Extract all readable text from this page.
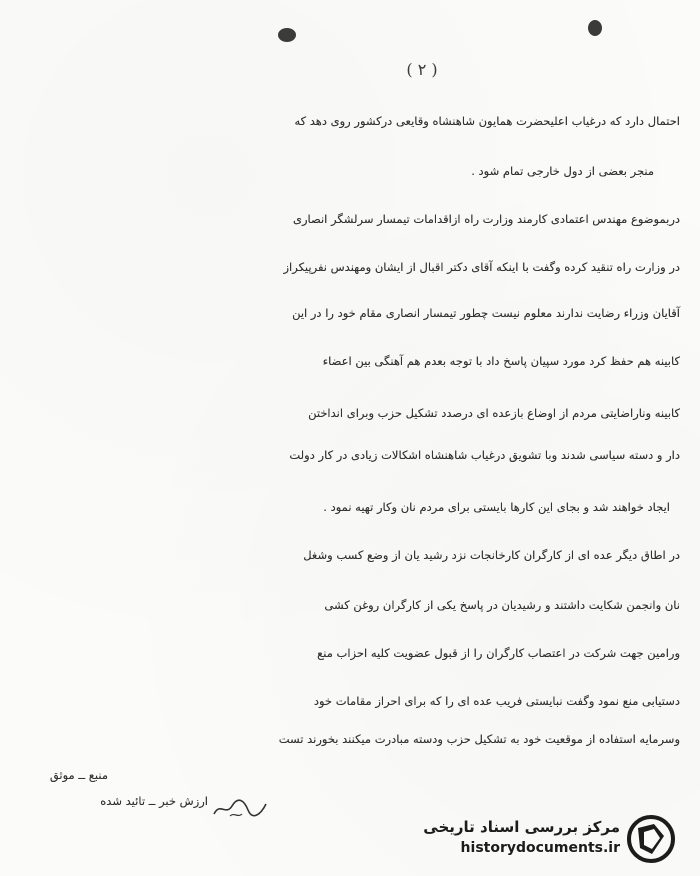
( ۲ )
احتمال دارد که درغیاب اعلیحضرت همایون شاهنشاه وقایعی درکشور روی دهد که
منجر بعضی از دول خارجی تمام شود .
دربموضوع مهندس اعتمادی کارمند وزارت راه ازاقدامات تیمسار سرلشگر انصاری
در وزارت راه تنقید کرده وگفت با اینکه آقای دکتر اقبال از ایشان ومهندس نفرپیکراز
آقایان وزراء رضایت ندارند معلوم نیست چطور تیمسار انصاری مقام خود را در این
کابینه هم حفظ کرد مورد سپیان پاسخ داد با توجه بعدم هم آهنگی بین اعضاء
کابینه وناراضایتی مردم از اوضاع بازعده ای درصدد تشکیل حزب وبرای انداختن
دار و دسته سیاسی شدند وبا تشویق درغیاب شاهنشاه اشکالات زیادی در کار دولت
ایجاد خواهند شد و بجای این کارها بایستی برای مردم نان وکار تهیه نمود .
در اطاق دیگر عده ای از کارگران کارخانجات نزد رشید یان از وضع کسب وشغل
نان وانجمن شکایت داشتند و رشیدیان در پاسخ یکی از کارگران روغن کشی
ورامین جهت شرکت در اعتصاب کارگران را از قبول عضویت کلیه احزاب منع
دستیابی منع نمود وگفت نبایستی فریب عده ای را که برای احراز مقامات خود
وسرمایه استفاده از موقعیت خود به تشکیل حزب ودسته مبادرت میکنند بخورند تست
منبع ــ موثق
ارزش خبر ــ تائید شده
مرکز بررسی اسناد تاریخی
historydocuments.ir
